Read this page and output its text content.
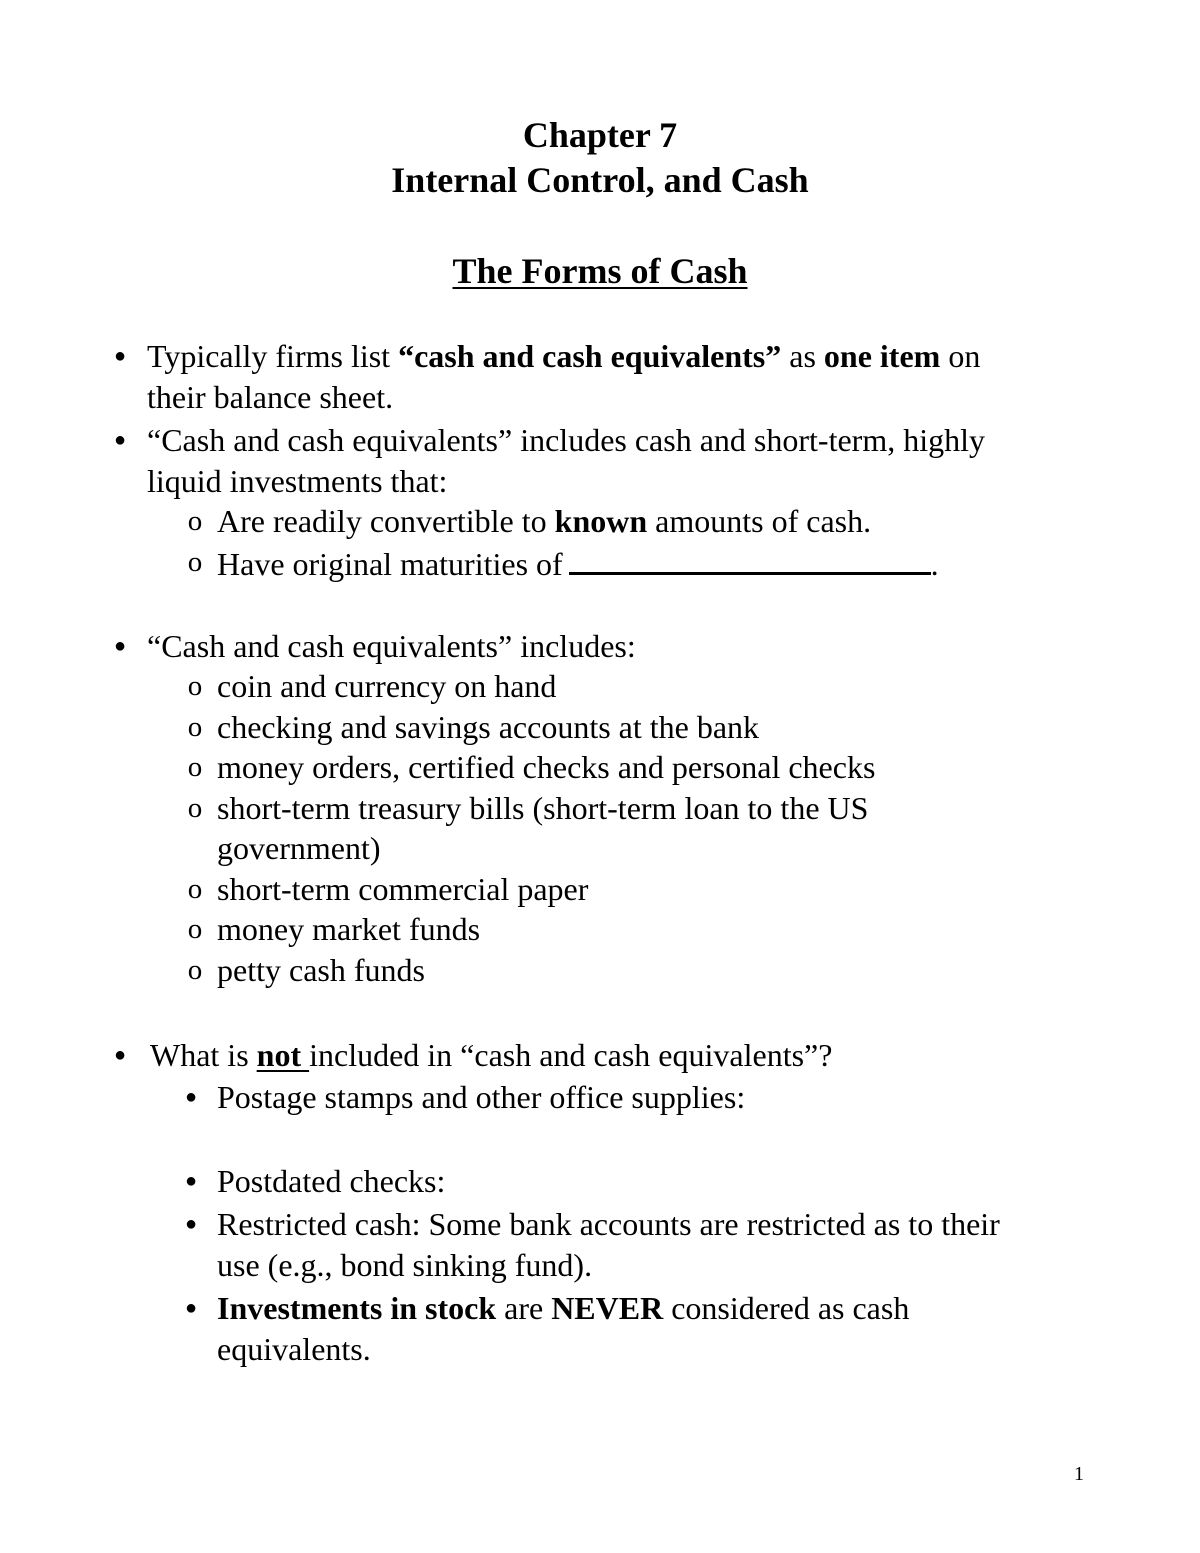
Chapter 7
Internal Control, and Cash
The Forms of Cash
● Typically firms list “cash and cash equivalents” as one item on
their balance sheet.
● “Cash and cash equivalents” includes cash and short-term, highly
liquid investments that:
o Are readily convertible to known amounts of cash.
o Have original maturities of	.
● “Cash and cash equivalents” includes:
o coin and currency on hand
o checking and savings accounts at the bank
o money orders, certified checks and personal checks
o short-term treasury bills (short-term loan to the US
government)
o short-term commercial paper
o money market funds
o petty cash funds
● What is not included in “cash and cash equivalents”?
● Postage stamps and other office supplies:
● Postdated checks:
● Restricted cash: Some bank accounts are restricted as to their
use (e.g., bond sinking fund).
● Investments in stock are NEVER considered as cash
equivalents.
1
